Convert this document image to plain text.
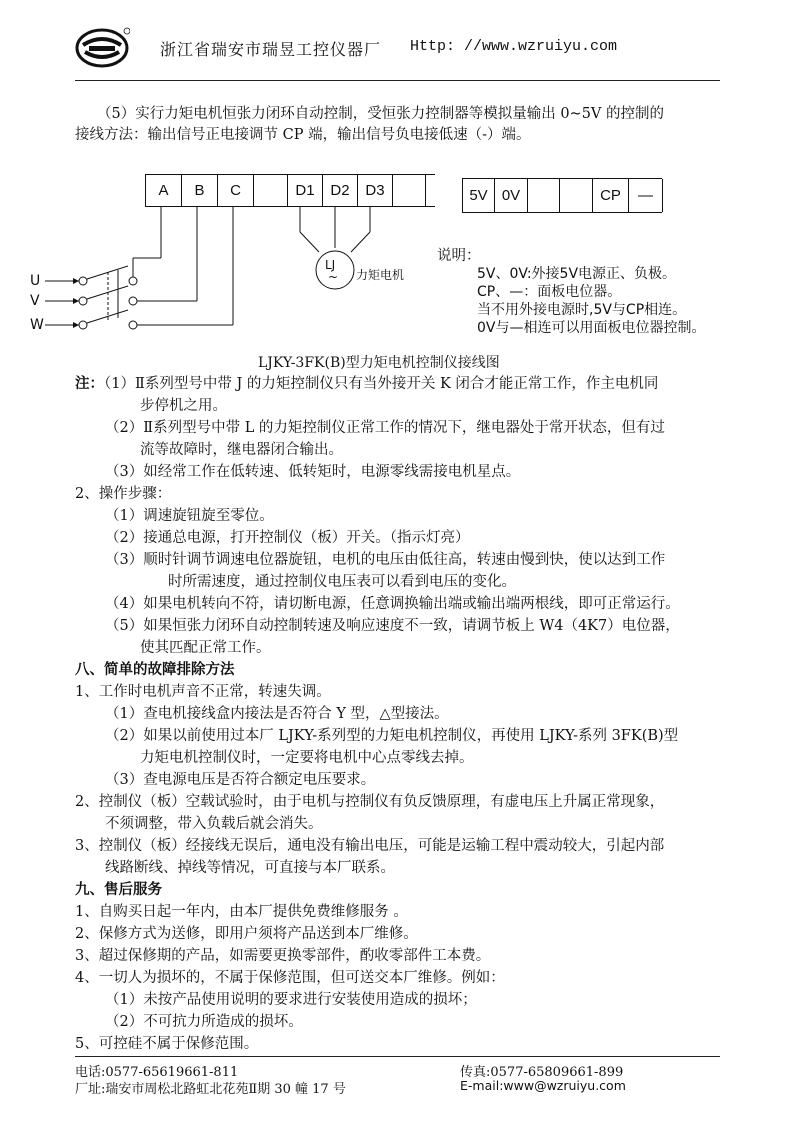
浙江省瑞安市瑞昱工控仪器厂 Http: //www.wzruiyu.com
（5）实行力矩电机恒张力闭环自动控制，受恒张力控制器等模拟量输出 0~5V 的控制的
接线方法：输出信号正电接调节 CP 端，输出信号负电接低速（-）端。
A	B	C	D1	D2	D3
LJ
~ 力矩电机
U
V
W
5V 0V	CP	—
说明：
5V、0V:外接5V电源正、负极。
CP、—：面板电位器。
当不用外接电源时,5V与CP相连。
0V与—相连可以用面板电位器控制。
LJKY-3FK(B)型力矩电机控制仪接线图
注：（1）Ⅱ系列型号中带 J 的力矩控制仪只有当外接开关 K 闭合才能正常工作，作主电机同
步停机之用。
（2）Ⅱ系列型号中带 L 的力矩控制仪正常工作的情况下，继电器处于常开状态，但有过
流等故障时，继电器闭合输出。
（3）如经常工作在低转速、低转矩时，电源零线需接电机星点。
2、操作步骤：
（1）调速旋钮旋至零位。
（2）接通总电源，打开控制仪（板）开关。（指示灯亮）
（3）顺时针调节调速电位器旋钮，电机的电压由低往高，转速由慢到快，使以达到工作
时所需速度，通过控制仪电压表可以看到电压的变化。
（4）如果电机转向不符，请切断电源，任意调换输出端或输出端两根线，即可正常运行。
（5）如果恒张力闭环自动控制转速及响应速度不一致，请调节板上 W4（4K7）电位器，
使其匹配正常工作。
八、简单的故障排除方法
1、工作时电机声音不正常，转速失调。
（1）查电机接线盒内接法是否符合 Y 型，△型接法。
（2）如果以前使用过本厂 LJKY-系列型的力矩电机控制仪，再使用 LJKY-系列 3FK(B)型
力矩电机控制仪时，一定要将电机中心点零线去掉。
（3）查电源电压是否符合额定电压要求。
2、控制仪（板）空载试验时，由于电机与控制仪有负反馈原理，有虚电压上升属正常现象，
不须调整，带入负载后就会消失。
3、控制仪（板）经接线无误后，通电没有输出电压，可能是运输工程中震动较大，引起内部
线路断线、掉线等情况，可直接与本厂联系。
九、售后服务
1、自购买日起一年内，由本厂提供免费维修服务 。
2、保修方式为送修，即用户须将产品送到本厂维修。
3、超过保修期的产品，如需要更换零部件，酌收零部件工本费。
4、一切人为损坏的，不属于保修范围，但可送交本厂维修。例如：
（1）未按产品使用说明的要求进行安装使用造成的损坏；
（2）不可抗力所造成的损坏。
5、可控硅不属于保修范围。
电话:0577-65619661-811	传真:0577-65809661-899
厂址:瑞安市周松北路虹北花苑Ⅱ期 30 幢 17 号	E-mail:www@wzruiyu.com
